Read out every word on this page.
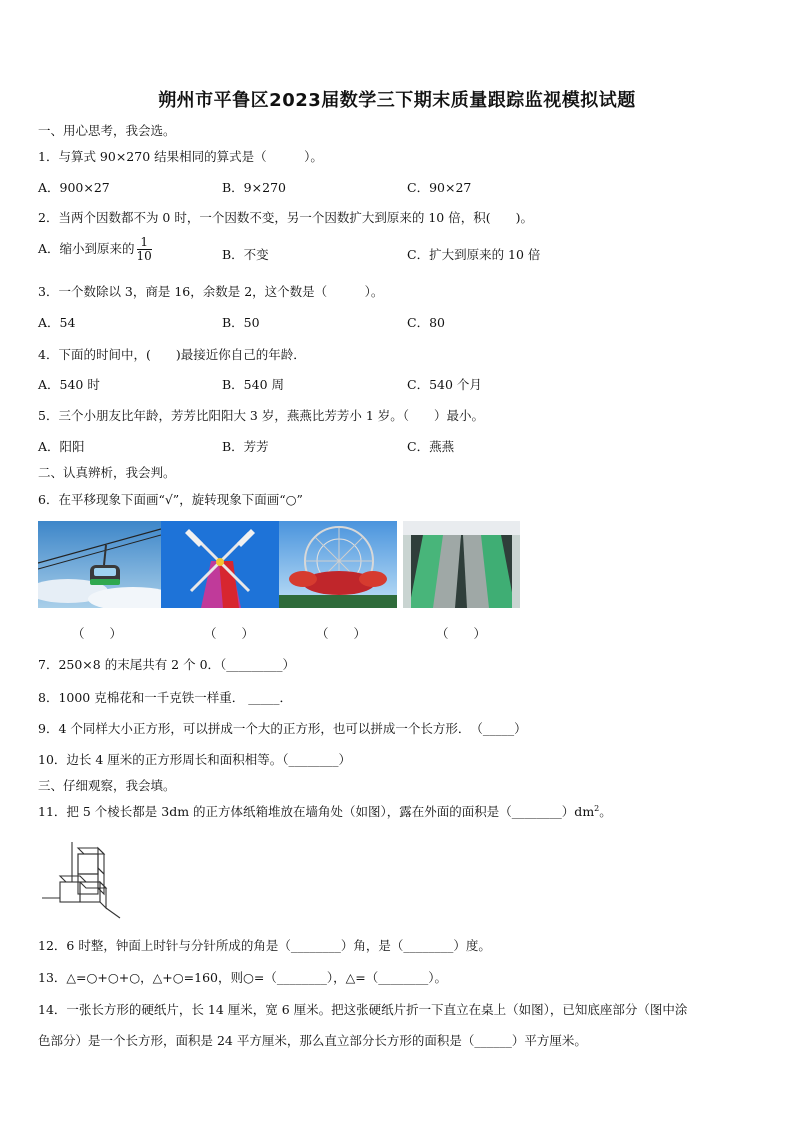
朔州市平鲁区2023届数学三下期末质量跟踪监视模拟试题
一、用心思考，我会选。
1．与算式 90×270 结果相同的算式是（　　　）。
A．900×27	B．9×270	C．90×27
2．当两个因数都不为 0 时，一个因数不变，另一个因数扩大到原来的 10 倍，积(　　)。
A．缩小到原来的 $\frac{1}{10}$	B．不变	C．扩大到原来的 10 倍
3．一个数除以 3，商是 16，余数是 2，这个数是（　　　）。
A．54	B．50	C．80
4．下面的时间中，(　　)最接近你自己的年龄．
A．540 时	B．540 周	C．540 个月
5．三个小朋友比年龄，芳芳比阳阳大 3 岁，燕燕比芳芳小 1 岁。（　　）最小。
A．阳阳	B．芳芳	C．燕燕
二、认真辨析，我会判。
6．在平移现象下面画“√”，旋转现象下面画“○”
（　　）	（　　）	（　　）	（　　）
7．250×8 的末尾共有 2 个 0．（_________）
8．1000 克棉花和一千克铁一样重． _____．
9．4 个同样大小正方形，可以拼成一个大的正方形，也可以拼成一个长方形．　（_____）
10．边长 4 厘米的正方形周长和面积相等。（________）
三、仔细观察，我会填。
11．把 5 个棱长都是 3dm 的正方体纸箱堆放在墙角处（如图），露在外面的面积是$(\_\_\_\_\_\_\_\_)dm^2$。
12．6 时整，钟面上时针与分针所成的角是（________）角，是（________）度。
13．△=○+○+○，△+○=160，则○=（________），△=（________）。
14．一张长方形的硬纸片，长 14 厘米，宽 6 厘米。把这张硬纸片折一下直立在桌上（如图），已知底座部分（图中涂
色部分）是一个长方形，面积是 24 平方厘米，那么直立部分长方形的面积是（______）平方厘米。
